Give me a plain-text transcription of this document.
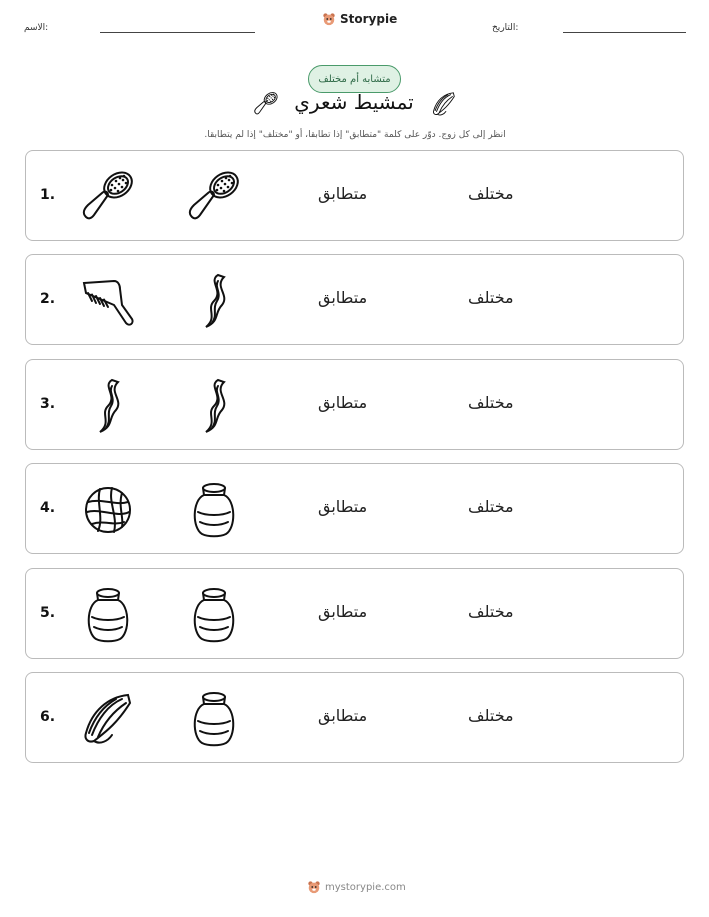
الاسم:
Storypie
التاريخ:
متشابه أم مختلف
تمشيط شعري
انظر إلى كل زوج. دوّر على كلمة "متطابق" إذا تطابقا، أو "مختلف" إذا لم يتطابقا.
1.	متطابق	مختلف
2.	متطابق	مختلف
3.	متطابق	مختلف
4.	متطابق	مختلف
5.	متطابق	مختلف
6.	متطابق	مختلف
mystorypie.com
